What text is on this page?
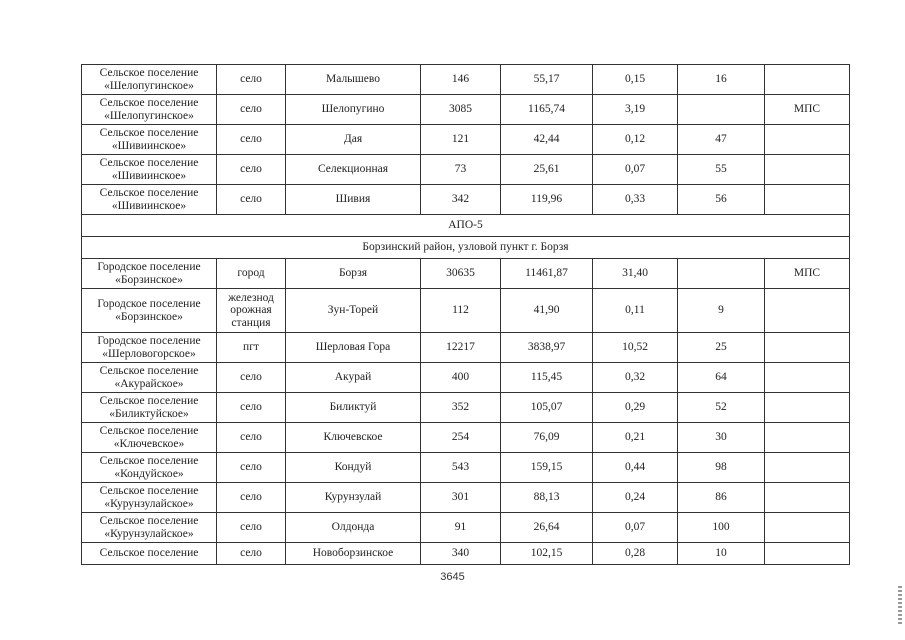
Сельское поселение «Шелопугинское»	село	Малышево	146	55,17	0,15	16	
Сельское поселение «Шелопугинское»	село	Шелопугино	3085	1165,74	3,19		МПС
Сельское поселение «Шивиинское»	село	Дая	121	42,44	0,12	47	
Сельское поселение «Шивиинское»	село	Селекционная	73	25,61	0,07	55	
Сельское поселение «Шивиинское»	село	Шивия	342	119,96	0,33	56	
АПО-5							
Борзинский район, узловой пункт г. Борзя							
Городское поселение «Борзинское»	город	Борзя	30635	11461,87	31,40		МПС
Городское поселение «Борзинское»	железнод орожная станция	Зун-Торей	112	41,90	0,11	9	
Городское поселение «Шерловогорское»	пгт	Шерловая Гора	12217	3838,97	10,52	25	
Сельское поселение «Акурайское»	село	Акурай	400	115,45	0,32	64	
Сельское поселение «Биликтуйское»	село	Биликтуй	352	105,07	0,29	52	
Сельское поселение «Ключевское»	село	Ключевское	254	76,09	0,21	30	
Сельское поселение «Кондуйское»	село	Кондуй	543	159,15	0,44	98	
Сельское поселение «Курунзулайское»	село	Курунзулай	301	88,13	0,24	86	
Сельское поселение «Курунзулайское»	село	Олдонда	91	26,64	0,07	100	
Сельское поселение	село	Новоборзинское	340	102,15	0,28	10	
3645
